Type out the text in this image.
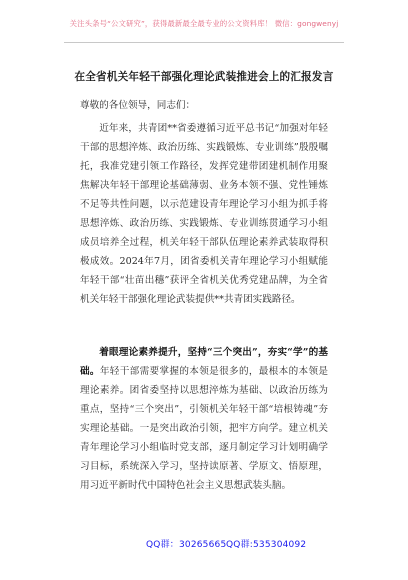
关注头条号“公文研究”，获得最新最全最专业的公文资料库！ 微信：gongwenyj
在全省机关年轻干部强化理论武装推进会上的汇报发言
尊敬的各位领导，同志们：
近年来，共青团**省委遵循习近平总书记“加强对年轻干部的思想淬炼、政治历练、实践锻炼、专业训练”殷殷嘱托，我准党建引领工作路径，发挥党建带团建机制作用聚焦解决年轻干部理论基础薄弱、业务本领不强、党性锤炼不足等共性问题，以示范建设青年理论学习小组为抓手将思想淬炼、政治历练、实践锻炼、专业训练贯通学习小组成员培养全过程，机关年轻干部队伍理论素养武装取得积极成效。2024年7月，团省委机关青年理论学习小组赋能年轻干部“壮苗出穗”获评全省机关优秀党建品牌，为全省机关年轻干部强化理论武装提供**共青团实践路径。
着眼理论素养提升，坚持“三个突出”，夯实“学”的基础。年轻干部需要掌握的本领是很多的，最根本的本领是理论素养。团省委坚持以思想淬炼为基础、以政治历练为重点，坚持“三个突出”，引领机关年轻干部“培根铸魂”夯实理论基础。一是突出政治引领，把牢方向学。建立机关青年理论学习小组临时党支部，逐月制定学习计划明确学习目标，系统深入学习，坚持读原著、学原文、悟原理，用习近平新时代中国特色社会主义思想武装头脑。
QQ群：30265665 QQ群:535304092
